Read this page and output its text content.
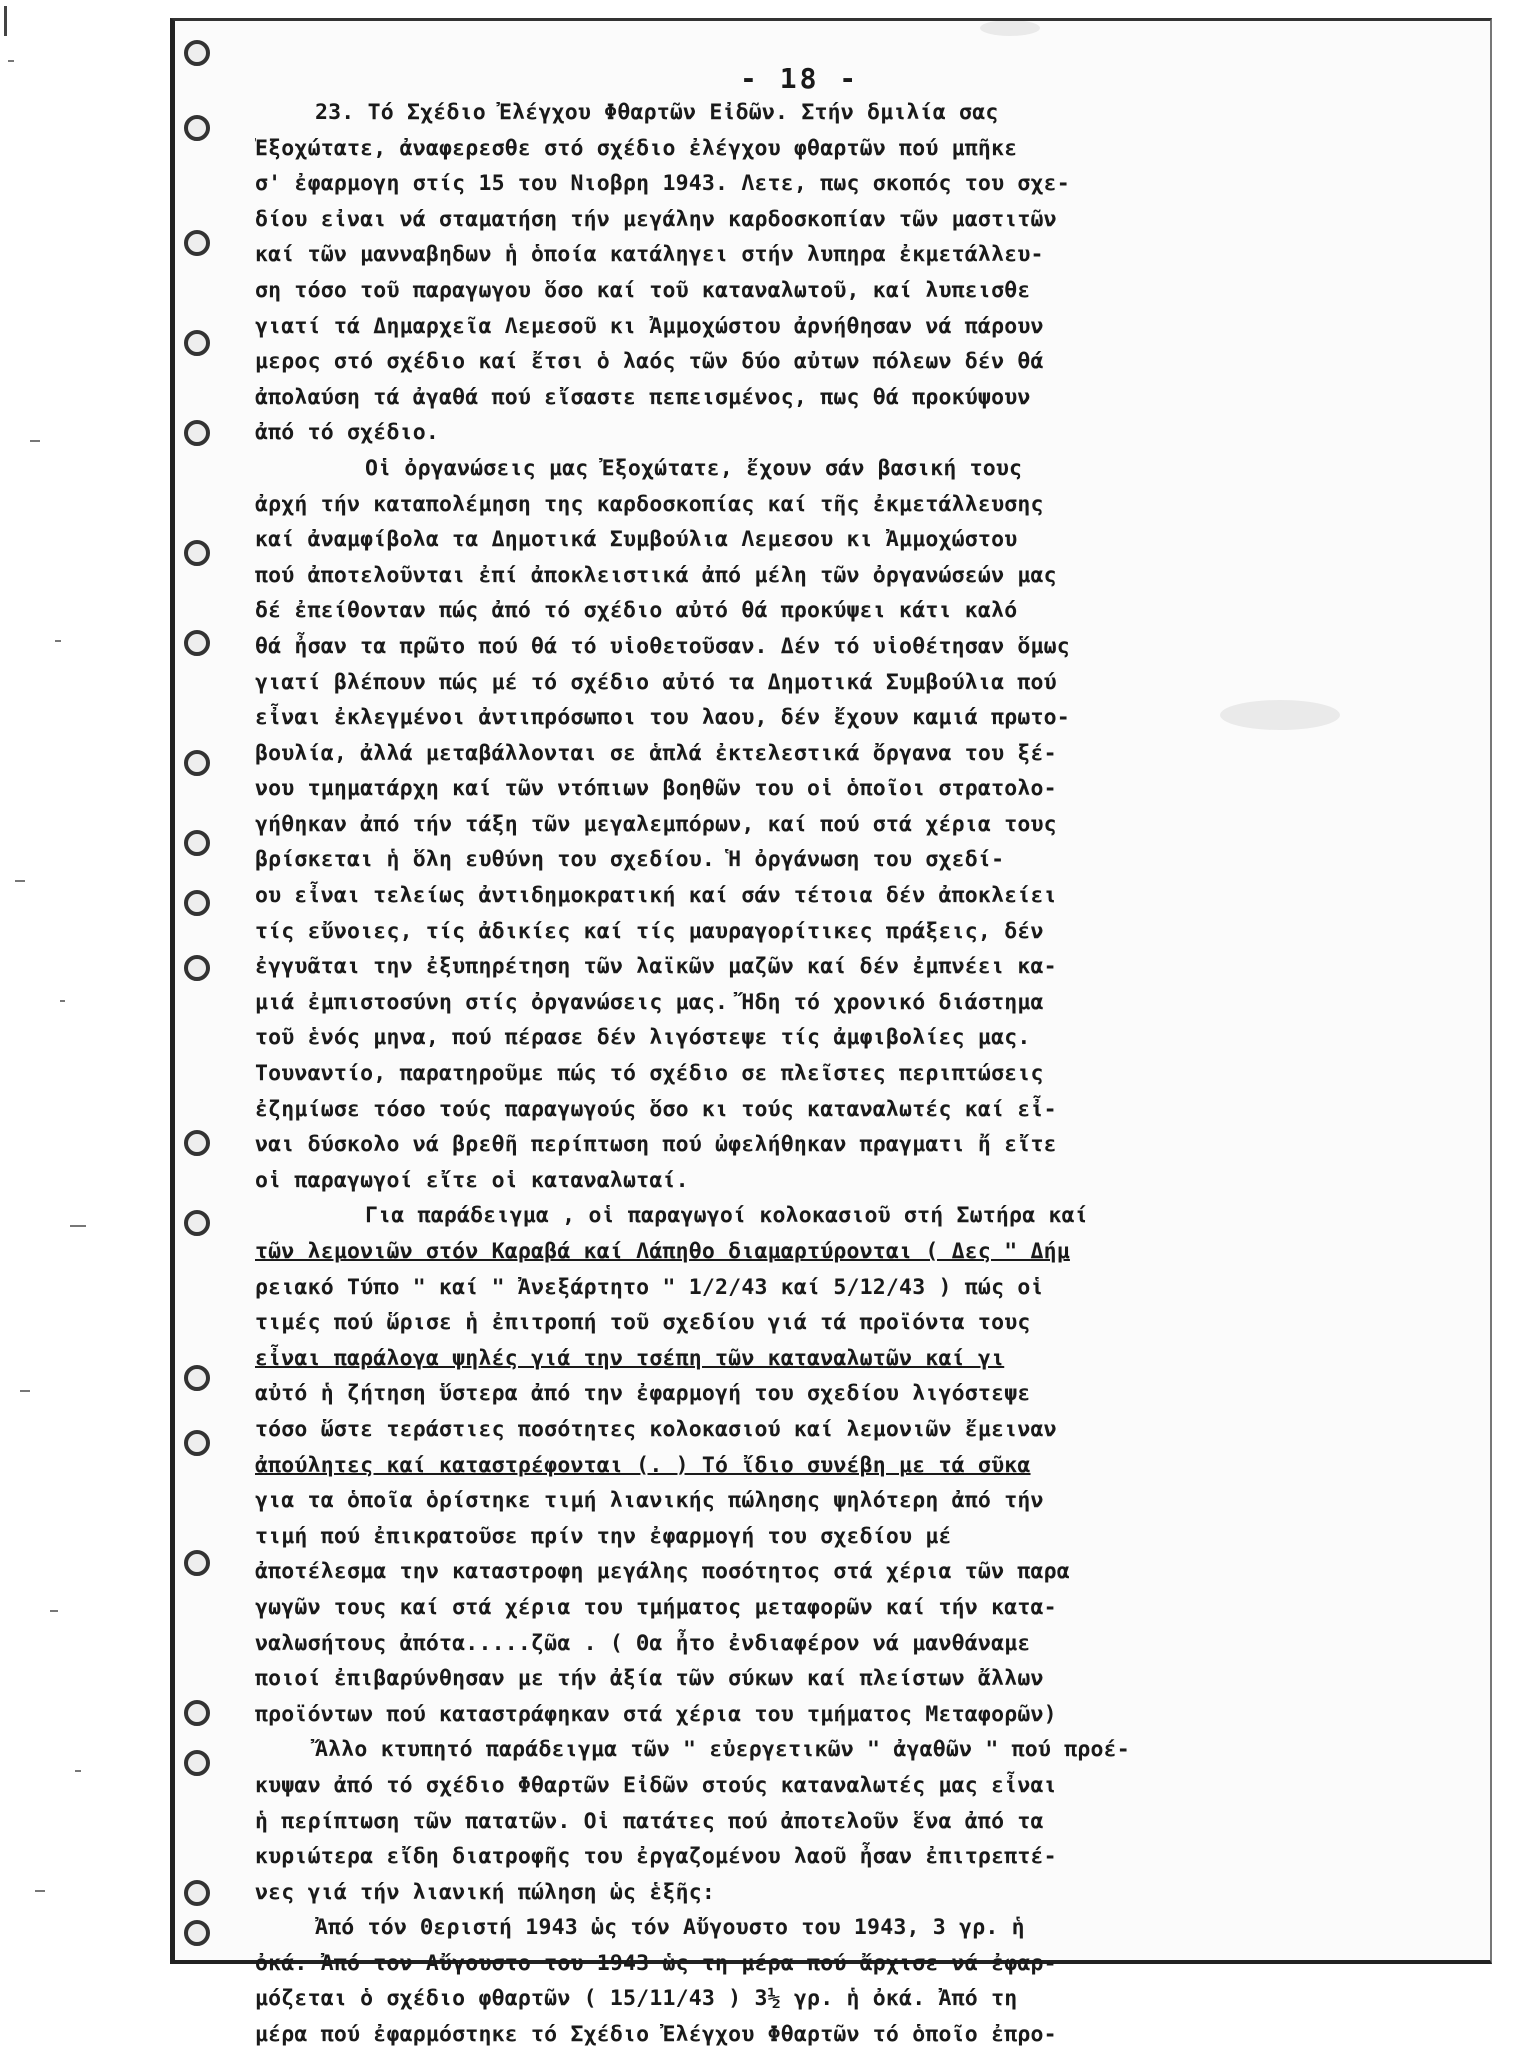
- 18 -
23. Τό Σχέδιο Ἐλέγχου Φθαρτῶν Εἰδῶν. Στήν δμιλία σας
Ἐξοχώτατε, ἀναφερεσθε στό σχέδιο ἐλέγχου φθαρτῶν πού μπῆκε
σ' ἐφαρμογη στίς 15 του Νιοβρη 1943. Λετε, πως σκοπός του σχε-
δίου εἰναι νά σταματήση τήν μεγάλην καρδοσκοπίαν τῶν μαστιτῶν
καί τῶν μανναβηδων ἡ ὁποία κατάληγει στήν λυπηρα ἐκμετάλλευ-
ση τόσο τοῦ παραγωγου ὅσο καί τοῦ καταναλωτοῦ, καί λυπεισθε
γιατί τά Δημαρχεῖα Λεμεσοῦ κι Ἀμμοχώστου ἀρνήθησαν νά πάρουν
μερος στό σχέδιο καί ἔτσι ὁ λαός τῶν δύο αὐτων πόλεων δέν θά
ἀπολαύση τά ἀγαθά πού εἴσαστε πεπεισμένος, πως θά προκύψουν
ἀπό τό σχέδιο.
Οἱ ὀργανώσεις μας Ἐξοχώτατε, ἔχουν σάν βασική τους
ἀρχή τήν καταπολέμηση της καρδοσκοπίας καί τῆς ἐκμετάλλευσης
καί ἀναμφίβολα τα Δημοτικά Συμβούλια Λεμεσου κι Ἀμμοχώστου
πού ἀποτελοῦνται ἐπί ἀποκλειστικά ἀπό μέλη τῶν ὀργανώσεών μας
δέ ἐπείθονταν πώς ἀπό τό σχέδιο αὐτό θά προκύψει κάτι καλό
θά ἦσαν τα πρῶτο πού θά τό υἱοθετοῦσαν. Δέν τό υἱοθέτησαν ὅμως
γιατί βλέπουν πώς μέ τό σχέδιο αὐτό τα Δημοτικά Συμβούλια πού
εἶναι ἐκλεγμένοι ἀντιπρόσωποι του λαου, δέν ἔχουν καμιά πρωτο-
βουλία, ἀλλά μεταβάλλονται σε ἁπλά ἐκτελεστικά ὄργανα του ξέ-
νου τμηματάρχη καί τῶν ντόπιων βοηθῶν του οἱ ὁποῖοι στρατολο-
γήθηκαν ἀπό τήν τάξη τῶν μεγαλεμπόρων, καί πού στά χέρια τους
βρίσκεται ἡ ὅλη ευθύνη του σχεδίου. Ἡ ὀργάνωση του σχεδί-
ου εἶναι τελείως ἀντιδημοκρατική καί σάν τέτοια δέν ἀποκλείει
τίς εὔνοιες, τίς ἀδικίες καί τίς μαυραγορίτικες πράξεις, δέν
ἐγγυᾶται την ἐξυπηρέτηση τῶν λαϊκῶν μαζῶν καί δέν ἐμπνέει κα-
μιά ἐμπιστοσύνη στίς ὀργανώσεις μας. Ἤδη τό χρονικό διάστημα
τοῦ ἑνός μηνα, πού πέρασε δέν λιγόστεψε τίς ἀμφιβολίες μας.
Τουναντίο, παρατηροῦμε πώς τό σχέδιο σε πλεῖστες περιπτώσεις
ἐζημίωσε τόσο τούς παραγωγούς ὅσο κι τούς καταναλωτές καί εἶ-
ναι δύσκολο νά βρεθῆ περίπτωση πού ὠφελήθηκαν πραγματι ἤ εἴτε
οἱ παραγωγοί εἴτε οἱ καταναλωταί.
Για παράδειγμα , οἱ παραγωγοί κολοκασιοῦ στή Σωτήρα καί
τῶν λεμονιῶν στόν Καραβά καί Λάπηθο διαμαρτύρονται ( Δες " Δήμ
ρειακό Τύπο " καί " Ἀνεξάρτητο " 1/2/43 καί 5/12/43 ) πώς οἱ
τιμές πού ὥρισε ἡ ἐπιτροπή τοῦ σχεδίου γιά τά προϊόντα τους
εἶναι παράλογα ψηλές γιά την τσέπη τῶν καταναλωτῶν καί γι
αὐτό ἡ ζήτηση ὕστερα ἀπό την ἐφαρμογή του σχεδίου λιγόστεψε
τόσο ὥστε τεράστιες ποσότητες κολοκασιού καί λεμονιῶν ἔμειναν
ἀπούλητες καί καταστρέφονται (. ) Τό ἴδιο συνέβη με τά σῦκα
για τα ὁποῖα ὁρίστηκε τιμή λιανικής πώλησης ψηλότερη ἀπό τήν
τιμή πού ἐπικρατοῦσε πρίν την ἐφαρμογή του σχεδίου μέ
ἀποτέλεσμα την καταστροφη μεγάλης ποσότητος στά χέρια τῶν παρα
γωγῶν τους καί στά χέρια του τμήματος μεταφορῶν καί τήν κατα-
ναλωσήτους ἀπότα.....ζῶα . ( Θα ἦτο ἐνδιαφέρον νά μανθάναμε
ποιοί ἐπιβαρύνθησαν με τήν ἀξία τῶν σύκων καί πλείστων ἄλλων
προϊόντων πού καταστράφηκαν στά χέρια του τμήματος Μεταφορῶν)
Ἄλλο κτυπητό παράδειγμα τῶν " εὐεργετικῶν " ἀγαθῶν " πού προέ-
κυψαν ἀπό τό σχέδιο Φθαρτῶν Εἰδῶν στούς καταναλωτές μας εἶναι
ἡ περίπτωση τῶν πατατῶν. Οἱ πατάτες πού ἀποτελοῦν ἕνα ἀπό τα
κυριώτερα εἴδη διατροφῆς του ἐργαζομένου λαοῦ ἦσαν ἐπιτρεπτέ-
νες γιά τήν λιανική πώληση ὡς ἑξῆς:
Ἀπό τόν Θεριστή 1943 ὡς τόν Αὔγουστο του 1943, 3 γρ. ἡ
ὀκά. Ἀπό τον Αὔγουστο του 1943 ὡς τη μέρα πού ἄρχισε νά ἐφαρ-
μόζεται ὁ σχέδιο φθαρτῶν ( 15/11/43 ) 3½ γρ. ἡ ὀκά. Ἀπό τη
μέρα πού ἐφαρμόστηκε τό Σχέδιο Ἐλέγχου Φθαρτῶν τό ὁποῖο ἐπρο-
